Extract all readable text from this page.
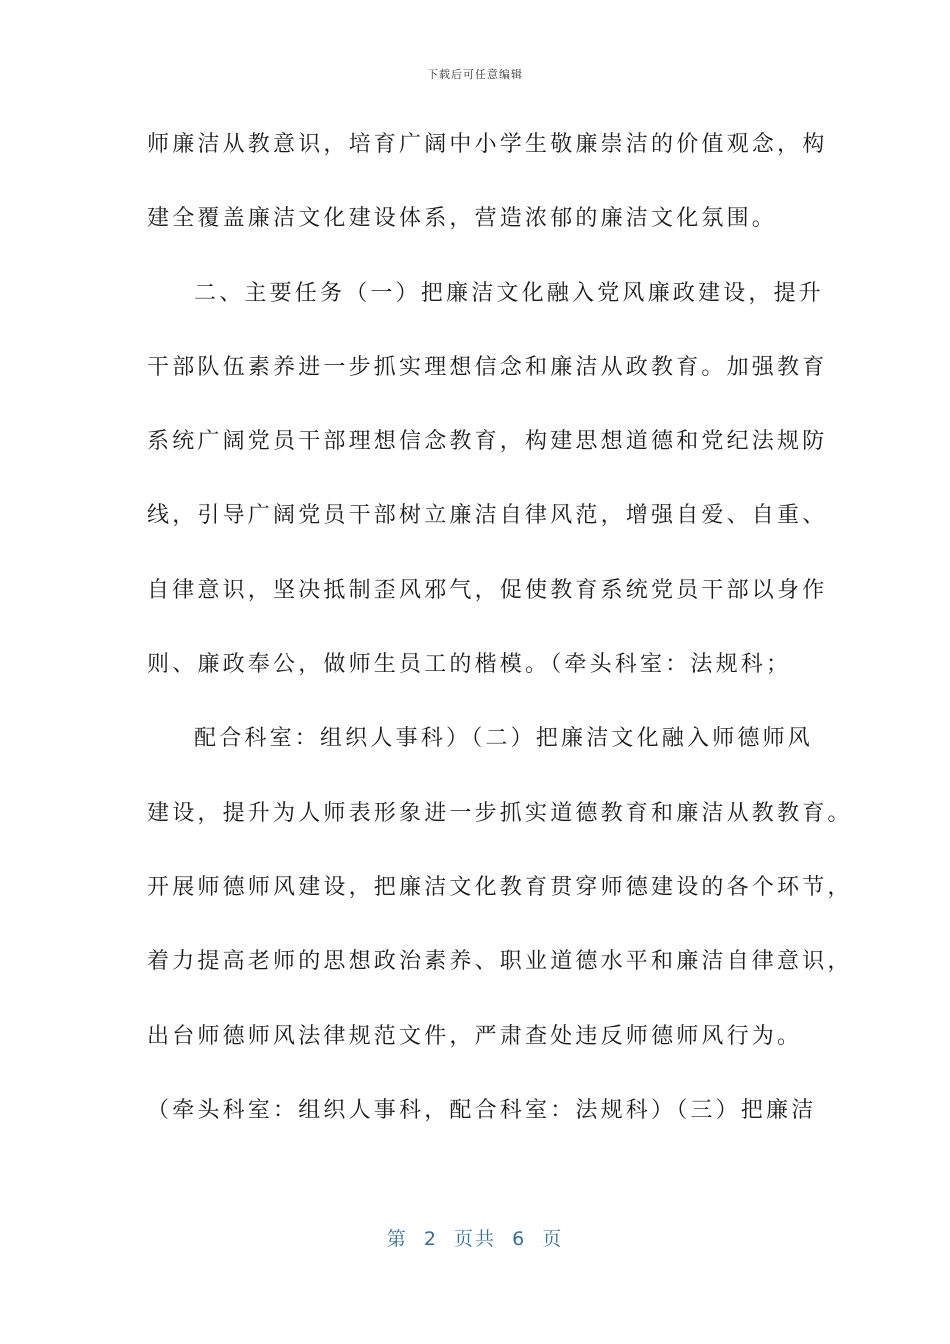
下载后可任意编辑
师廉洁从教意识，培育广阔中小学生敬廉崇洁的价值观念，构
建全覆盖廉洁文化建设体系，营造浓郁的廉洁文化氛围。
二、主要任务（一）把廉洁文化融入党风廉政建设，提升
干部队伍素养进一步抓实理想信念和廉洁从政教育。加强教育
系统广阔党员干部理想信念教育，构建思想道德和党纪法规防
线，引导广阔党员干部树立廉洁自律风范，增强自爱、自重、
自律意识，坚决抵制歪风邪气，促使教育系统党员干部以身作
则、廉政奉公，做师生员工的楷模。（牵头科室：法规科；
配合科室：组织人事科）（二）把廉洁文化融入师德师风
建设，提升为人师表形象进一步抓实道德教育和廉洁从教教育。
开展师德师风建设，把廉洁文化教育贯穿师德建设的各个环节，
着力提高老师的思想政治素养、职业道德水平和廉洁自律意识，
出台师德师风法律规范文件，严肃查处违反师德师风行为。
（牵头科室：组织人事科，配合科室：法规科）（三）把廉洁
第  2  页共  6  页
